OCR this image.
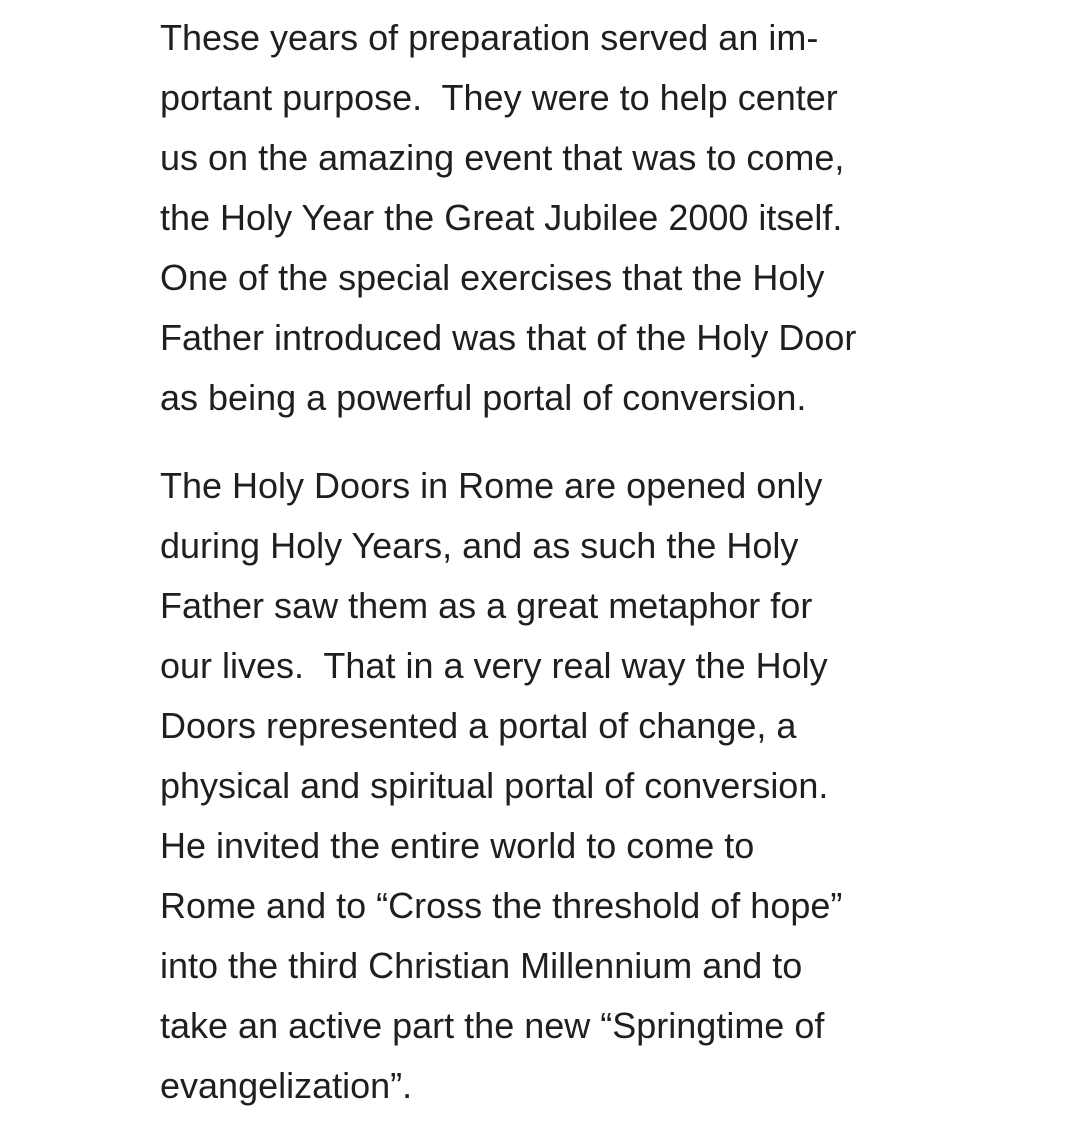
These years of preparation served an im-
portant purpose.  They were to help center
us on the amazing event that was to come,
the Holy Year the Great Jubilee 2000 itself.
One of the special exercises that the Holy
Father introduced was that of the Holy Door
as being a powerful portal of conversion.

The Holy Doors in Rome are opened only
during Holy Years, and as such the Holy
Father saw them as a great metaphor for
our lives.  That in a very real way the Holy
Doors represented a portal of change, a
physical and spiritual portal of conversion.
He invited the entire world to come to
Rome and to “Cross the threshold of hope”
into the third Christian Millennium and to
take an active part the new “Springtime of
evangelization”.
